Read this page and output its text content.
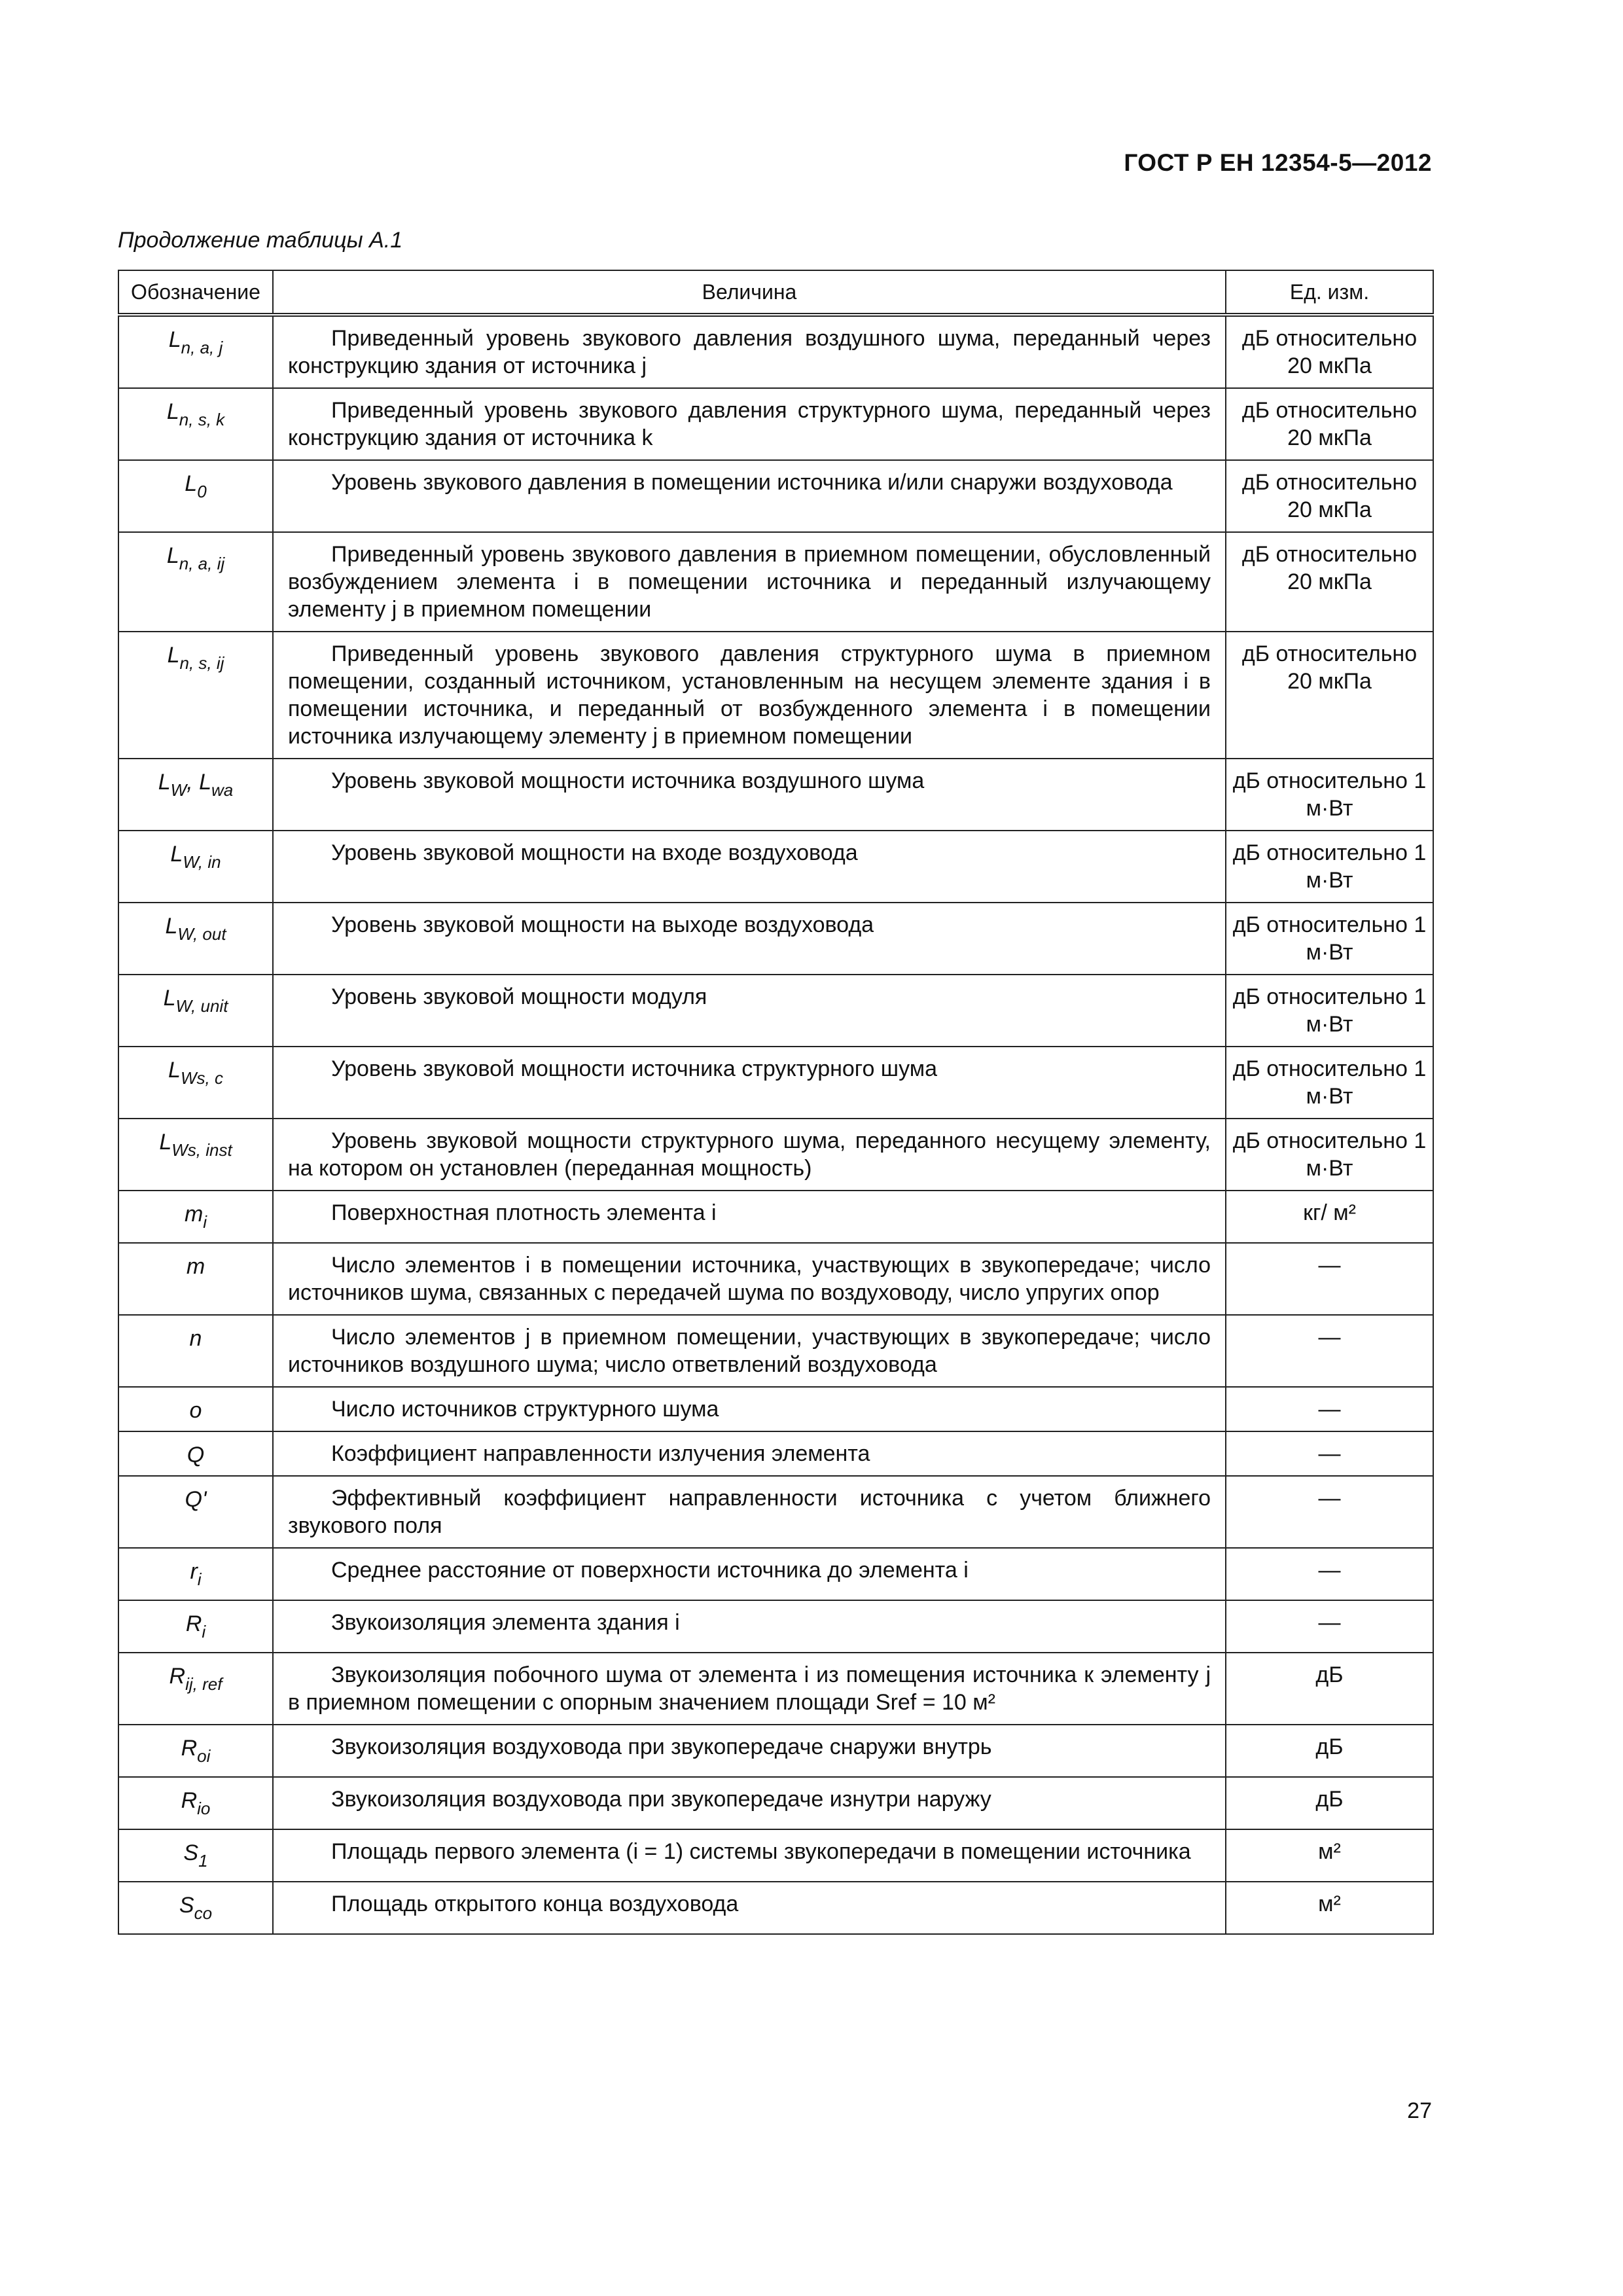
ГОСТ Р ЕН 12354-5—2012
Продолжение таблицы А.1
Обозначение	Величина	Ед. изм.
$L_{n, a, j}$	Приведенный уровень звукового давления воздушного шума, переданный через конструкцию здания от источника j	дБ относительно 20 мкПа
$L_{n, s, k}$	Приведенный уровень звукового давления структурного шума, переданный через конструкцию здания от источника k	дБ относительно 20 мкПа
$L_0$	Уровень звукового давления в помещении источника и/или снаружи воздуховода	дБ относительно 20 мкПа
$L_{n, a, ij}$	Приведенный уровень звукового давления в приемном помещении, обусловленный возбуждением элемента i в помещении источника и переданный излучающему элементу j в приемном помещении	дБ относительно 20 мкПа
$L_{n, s, ij}$	Приведенный уровень звукового давления структурного шума в приемном помещении, созданный источником, установленным на несущем элементе здания i в помещении источника, и переданный от возбужденного элемента i в помещении источника излучающему элементу j в приемном помещении	дБ относительно 20 мкПа
$L_W$, $L_{wa}$	Уровень звуковой мощности источника воздушного шума	дБ относительно 1 м·Вт
$L_{W, in}$	Уровень звуковой мощности на входе воздуховода	дБ относительно 1 м·Вт
$L_{W, out}$	Уровень звуковой мощности на выходе воздуховода	дБ относительно 1 м·Вт
$L_{W, unit}$	Уровень звуковой мощности модуля	дБ относительно 1 м·Вт
$L_{Ws, c}$	Уровень звуковой мощности источника структурного шума	дБ относительно 1 м·Вт
$L_{Ws, inst}$	Уровень звуковой мощности структурного шума, переданного несущему элементу, на котором он установлен (переданная мощность)	дБ относительно 1 м·Вт
$m_i$	Поверхностная плотность элемента i	кг/ м²
m	Число элементов i в помещении источника, участвующих в звукопередаче; число источников шума, связанных с передачей шума по воздуховоду, число упругих опор	—
n	Число элементов j в приемном помещении, участвующих в звукопередаче; число источников воздушного шума; число ответвлений воздуховода	—
o	Число источников структурного шума	—
Q	Коэффициент направленности излучения элемента	—
Q'	Эффективный коэффициент направленности источника с учетом ближнего звукового поля	—
$r_i$	Среднее расстояние от поверхности источника до элемента i	—
$R_i$	Звукоизоляция элемента здания i	—
$R_{ij, ref}$	Звукоизоляция побочного шума от элемента i из помещения источника к элементу j в приемном помещении с опорным значением площади Sref = 10 м²	дБ
$R_{oi}$	Звукоизоляция воздуховода при звукопередаче снаружи внутрь	дБ
$R_{io}$	Звукоизоляция воздуховода при звукопередаче изнутри наружу	дБ
$S_1$	Площадь первого элемента (i = 1) системы звукопередачи в помещении источника	м²
$S_{co}$	Площадь открытого конца воздуховода	м²
27
